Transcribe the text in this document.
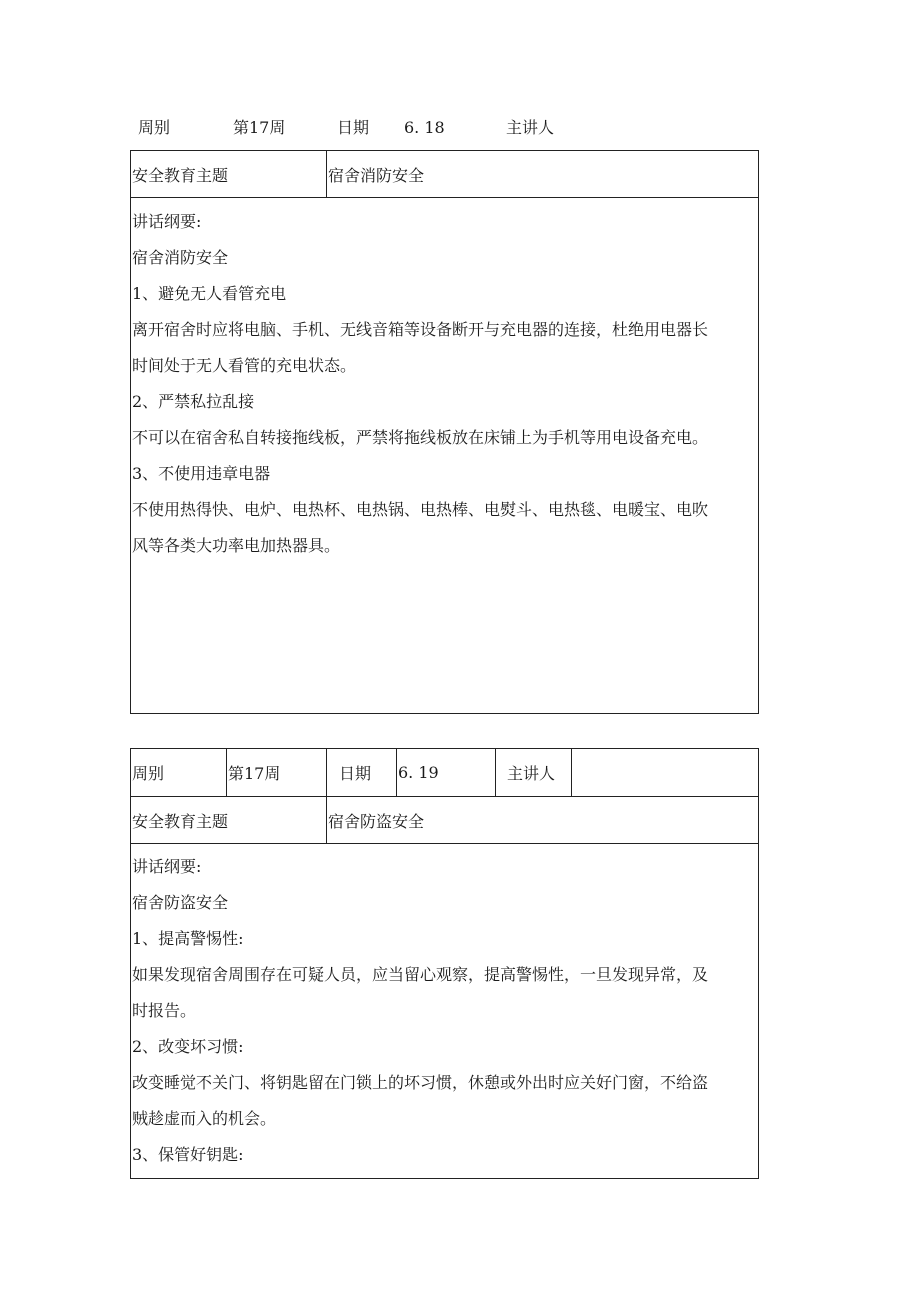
周别	第17周	日期 6. 18	主讲人
安全教育主题	宿舍消防安全
讲话纲要:
宿舍消防安全
1、避免无人看管充电
离开宿舍时应将电脑、手机、无线音箱等设备断开与充电器的连接，杜绝用电器长
时间处于无人看管的充电状态。
2、严禁私拉乱接
不可以在宿舍私自转接拖线板，严禁将拖线板放在床铺上为手机等用电设备充电。
3、不使用违章电器
不使用热得快、电炉、电热杯、电热锅、电热棒、电熨斗、电热毯、电暖宝、电吹
风等各类大功率电加热器具。
周别	第17周	日期 6. 19	主讲人
安全教育主题	宿舍防盗安全
讲话纲要:
宿舍防盗安全
1、提高警惕性:
如果发现宿舍周围存在可疑人员，应当留心观察，提高警惕性，一旦发现异常，及
时报告。
2、改变坏习惯:
改变睡觉不关门、将钥匙留在门锁上的坏习惯，休憩或外出时应关好门窗，不给盗
贼趁虚而入的机会。
3、保管好钥匙:
